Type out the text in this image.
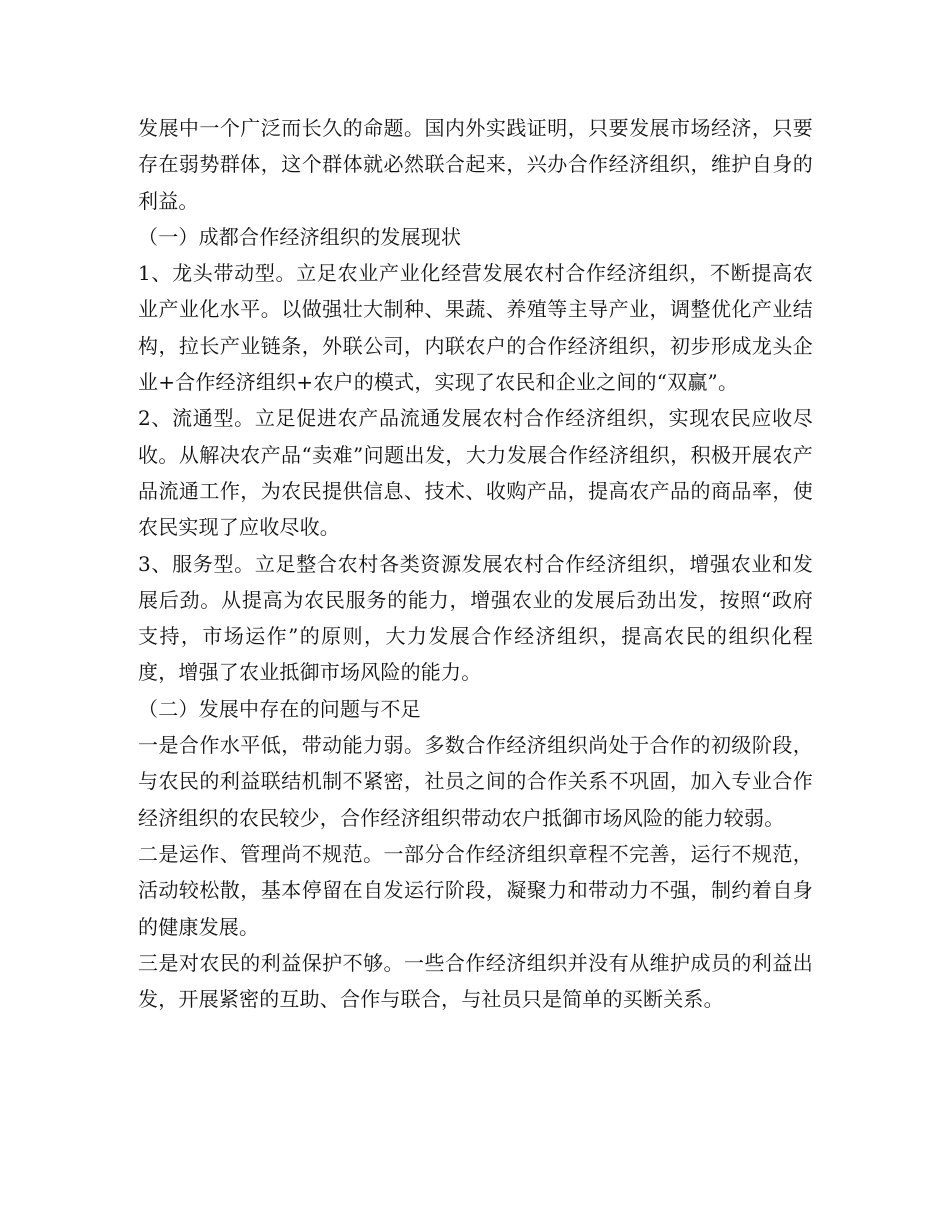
发展中一个广泛而长久的命题。国内外实践证明，只要发展市场经济，只要存在弱势群体，这个群体就必然联合起来，兴办合作经济组织，维护自身的利益。

（一）成都合作经济组织的发展现状

1、龙头带动型。立足农业产业化经营发展农村合作经济组织，不断提高农业产业化水平。以做强壮大制种、果蔬、养殖等主导产业，调整优化产业结构，拉长产业链条，外联公司，内联农户的合作经济组织，初步形成龙头企业+合作经济组织+农户的模式，实现了农民和企业之间的“双赢”。

2、流通型。立足促进农产品流通发展农村合作经济组织，实现农民应收尽收。从解决农产品“卖难”问题出发，大力发展合作经济组织，积极开展农产品流通工作，为农民提供信息、技术、收购产品，提高农产品的商品率，使农民实现了应收尽收。

3、服务型。立足整合农村各类资源发展农村合作经济组织，增强农业和发展后劲。从提高为农民服务的能力，增强农业的发展后劲出发，按照“政府支持，市场运作”的原则，大力发展合作经济组织，提高农民的组织化程度，增强了农业抵御市场风险的能力。

（二）发展中存在的问题与不足

一是合作水平低，带动能力弱。多数合作经济组织尚处于合作的初级阶段，与农民的利益联结机制不紧密，社员之间的合作关系不巩固，加入专业合作经济组织的农民较少，合作经济组织带动农户抵御市场风险的能力较弱。

二是运作、管理尚不规范。一部分合作经济组织章程不完善，运行不规范，活动较松散，基本停留在自发运行阶段，凝聚力和带动力不强，制约着自身的健康发展。

三是对农民的利益保护不够。一些合作经济组织并没有从维护成员的利益出发，开展紧密的互助、合作与联合，与社员只是简单的买断关系。
